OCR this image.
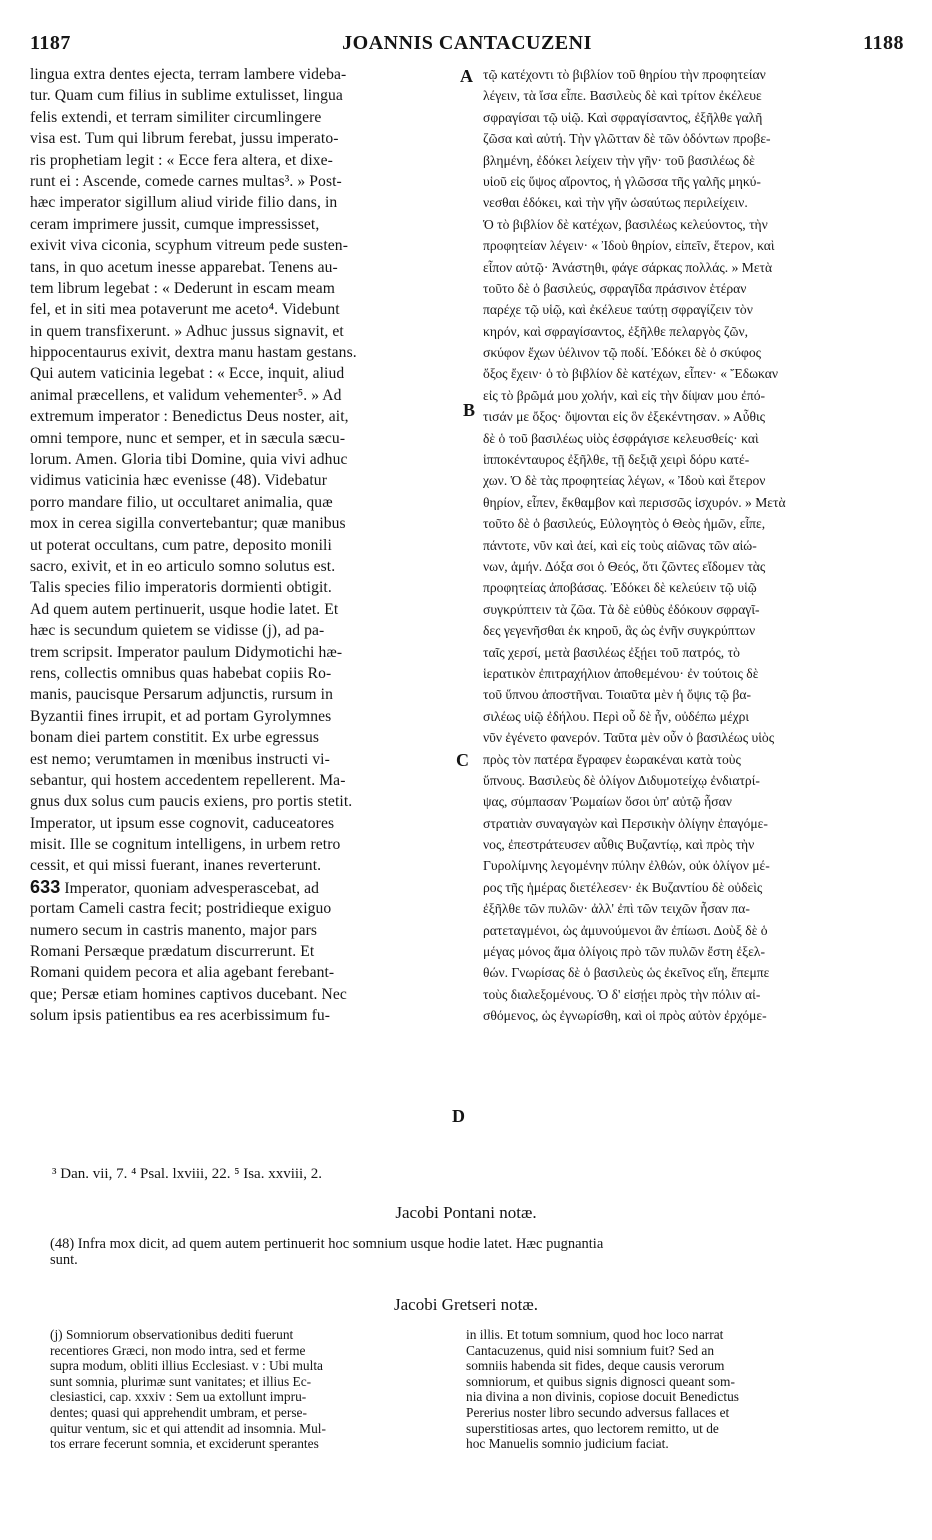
1187	JOANNIS CANTACUZENI	1188
lingua extra dentes ejecta, terram lambere videba-
tur. Quam cum filius in sublime extulisset, lingua
felis extendi, et terram similiter circumlingere
visa est. Tum qui librum ferebat, jussu imperato-
ris prophetiam legit : « Ecce fera altera, et dixe-
runt ei : Ascende, comede carnes multas³. » Post-
hæc imperator sigillum aliud viride filio dans, in
ceram imprimere jussit, cumque impressisset,
exivit viva ciconia, scyphum vitreum pede susten-
tans, in quo acetum inesse apparebat. Tenens au-
tem librum legebat : « Dederunt in escam meam
fel, et in siti mea potaverunt me aceto⁴. Videbunt
in quem transfixerunt. » Adhuc jussus signavit, et
hippocentaurus exivit, dextra manu hastam gestans.
Qui autem vaticinia legebat : « Ecce, inquit, aliud
animal præcellens, et validum vehementer⁵. » Ad
extremum imperator : Benedictus Deus noster, ait,
omni tempore, nunc et semper, et in sæcula sæcu-
lorum. Amen. Gloria tibi Domine, quia vivi adhuc
vidimus vaticinia hæc evenisse (48). Videbatur
porro mandare filio, ut occultaret animalia, quæ
mox in cerea sigilla convertebantur; quæ manibus
ut poterat occultans, cum patre, deposito monili
sacro, exivit, et in eo articulo somno solutus est.
Talis species filio imperatoris dormienti obtigit.
Ad quem autem pertinuerit, usque hodie latet. Et
hæc is secundum quietem se vidisse (j), ad pa-
trem scripsit. Imperator paulum Didymotichi hæ-
rens, collectis omnibus quas habebat copiis Ro-
manis, paucisque Persarum adjunctis, rursum in
Byzantii fines irrupit, et ad portam Gyrolymnes
bonam diei partem constitit. Ex urbe egressus
est nemo; verumtamen in mœnibus instructi vi-
sebantur, qui hostem accedentem repellerent. Ma-
gnus dux solus cum paucis exiens, pro portis stetit.
Imperator, ut ipsum esse cognovit, caduceatores
misit. Ille se cognitum intelligens, in urbem retro
cessit, et qui missi fuerant, inanes reverterunt.
633 Imperator, quoniam advesperascebat, ad
portam Cameli castra fecit; postridieque exiguo
numero secum in castris manento, major pars
Romani Persæque prædatum discurrerunt. Et
Romani quidem pecora et alia agebant ferebant-
que; Persæ etiam homines captivos ducebant. Nec
solum ipsis patientibus ea res acerbissimum fu-
τῷ κατέχοντι τὸ βιβλίον τοῦ θηρίου τὴν προφητείαν
λέγειν, τὰ ἴσα εἶπε. Βασιλεὺς δὲ καὶ τρίτον ἐκέλευε
σφραγίσαι τῷ υἱῷ. Καὶ σφραγίσαντος, ἐξῆλθε γαλῆ
ζῶσα καὶ αὐτή. Τὴν γλῶτταν δὲ τῶν ὀδόντων προβε-
βλημένη, ἐδόκει λείχειν τὴν γῆν· τοῦ βασιλέως δὲ
υἱοῦ εἰς ὕψος αἴροντος, ἡ γλῶσσα τῆς γαλῆς μηκύ-
νεσθαι ἐδόκει, καὶ τὴν γῆν ὡσαύτως περιλείχειν.
Ὁ τὸ βιβλίον δὲ κατέχων, βασιλέως κελεύοντος, τὴν
προφητείαν λέγειν· « Ἰδοὺ θηρίον, εἰπεῖν, ἕτερον, καὶ
εἶπον αὐτῷ· Ἀνάστηθι, φάγε σάρκας πολλάς. » Μετὰ
τοῦτο δὲ ὁ βασιλεύς, σφραγῖδα πράσινον ἑτέραν
παρέχε τῷ υἱῷ, καὶ ἐκέλευε ταύτῃ σφραγίζειν τὸν
κηρόν, καὶ σφραγίσαντος, ἐξῆλθε πελαργὸς ζῶν,
σκύφον ἔχων ὑέλινον τῷ ποδί. Ἐδόκει δὲ ὁ σκύφος
ὄξος ἔχειν· ὁ τὸ βιβλίον δὲ κατέχων, εἶπεν· « Ἔδωκαν
εἰς τὸ βρῶμά μου χολήν, καὶ εἰς τὴν δίψαν μου ἐπό-
τισάν με ὄξος· ὄψονται εἰς ὃν ἐξεκέντησαν. » Αὖθις
δὲ ὁ τοῦ βασιλέως υἱὸς ἐσφράγισε κελευσθείς· καὶ
ἱπποκένταυρος ἐξῆλθε, τῇ δεξιᾷ χειρὶ δόρυ κατέ-
χων. Ὁ δὲ τὰς προφητείας λέγων, « Ἰδοὺ καὶ ἕτερον
θηρίον, εἶπεν, ἔκθαμβον καὶ περισσῶς ἰσχυρόν. » Μετὰ
τοῦτο δὲ ὁ βασιλεύς, Εὐλογητὸς ὁ Θεὸς ἡμῶν, εἶπε,
πάντοτε, νῦν καὶ ἀεί, καὶ εἰς τοὺς αἰῶνας τῶν αἰώ-
νων, ἀμήν. Δόξα σοι ὁ Θεός, ὅτι ζῶντες εἴδομεν τὰς
προφητείας ἀποβάσας. Ἐδόκει δὲ κελεύειν τῷ υἱῷ
συγκρύπτειν τὰ ζῶα. Τὰ δὲ εὐθὺς ἐδόκουν σφραγῖ-
δες γεγενῆσθαι ἐκ κηροῦ, ἃς ὡς ἐνῆν συγκρύπτων
ταῖς χερσί, μετὰ βασιλέως ἐξῄει τοῦ πατρός, τὸ
ἱερατικὸν ἐπιτραχήλιον ἀποθεμένου· ἐν τούτοις δὲ
τοῦ ὕπνου ἀποστῆναι. Τοιαῦτα μὲν ἡ ὄψις τῷ βα-
σιλέως υἱῷ ἐδήλου. Περὶ οὗ δὲ ἦν, οὐδέπω μέχρι
νῦν ἐγένετο φανερόν. Ταῦτα μὲν οὖν ὁ βασιλέως υἱὸς
πρὸς τὸν πατέρα ἔγραφεν ἑωρακέναι κατὰ τοὺς
ὕπνους. Βασιλεὺς δὲ ὀλίγον Διδυμοτείχῳ ἐνδιατρί-
ψας, σύμπασαν Ῥωμαίων ὅσοι ὑπ' αὐτῷ ἦσαν
στρατιὰν συναγαγὼν καὶ Περσικὴν ὀλίγην ἐπαγόμε-
νος, ἐπεστράτευσεν αὖθις Βυζαντίῳ, καὶ πρὸς τὴν
Γυρολίμνης λεγομένην πύλην ἐλθών, οὐκ ὀλίγον μέ-
ρος τῆς ἡμέρας διετέλεσεν· ἐκ Βυζαντίου δὲ οὐδεὶς
ἐξῆλθε τῶν πυλῶν· ἀλλ' ἐπὶ τῶν τειχῶν ἦσαν πα-
ρατεταγμένοι, ὡς ἀμυνούμενοι ἂν ἐπίωσι. Δοὺξ δὲ ὁ
μέγας μόνος ἅμα ὀλίγοις πρὸ τῶν πυλῶν ἔστη ἐξελ-
θών. Γνωρίσας δὲ ὁ βασιλεὺς ὡς ἐκεῖνος εἴη, ἔπεμπε
τοὺς διαλεξομένους. Ὁ δ' εἰσῄει πρὸς τὴν πόλιν αἰ-
σθόμενος, ὡς ἐγνωρίσθη, καὶ οἱ πρὸς αὐτὸν ἐρχόμε-
A
B
C
D
³ Dan. vii, 7. ⁴ Psal. lxviii, 22. ⁵ Isa. xxviii, 2.
Jacobi Pontani notæ.
(48) Infra mox dicit, ad quem autem pertinuerit hoc somnium usque hodie latet. Hæc pugnantia
sunt.
Jacobi Gretseri notæ.
(j) Somniorum observationibus dediti fuerunt
recentiores Græci, non modo intra, sed et ferme
supra modum, obliti illius Ecclesiast. v : Ubi multa
sunt somnia, plurimæ sunt vanitates; et illius Ec-
clesiastici, cap. xxxiv : Sem ua extollunt impru-
dentes; quasi qui apprehendit umbram, et perse-
quitur ventum, sic et qui attendit ad insomnia. Mul-
tos errare fecerunt somnia, et exciderunt sperantes
in illis. Et totum somnium, quod hoc loco narrat
Cantacuzenus, quid nisi somnium fuit? Sed an
somniis habenda sit fides, deque causis verorum
somniorum, et quibus signis dignosci queant som-
nia divina a non divinis, copiose docuit Benedictus
Pererius noster libro secundo adversus fallaces et
superstitiosas artes, quo lectorem remitto, ut de
hoc Manuelis somnio judicium faciat.
